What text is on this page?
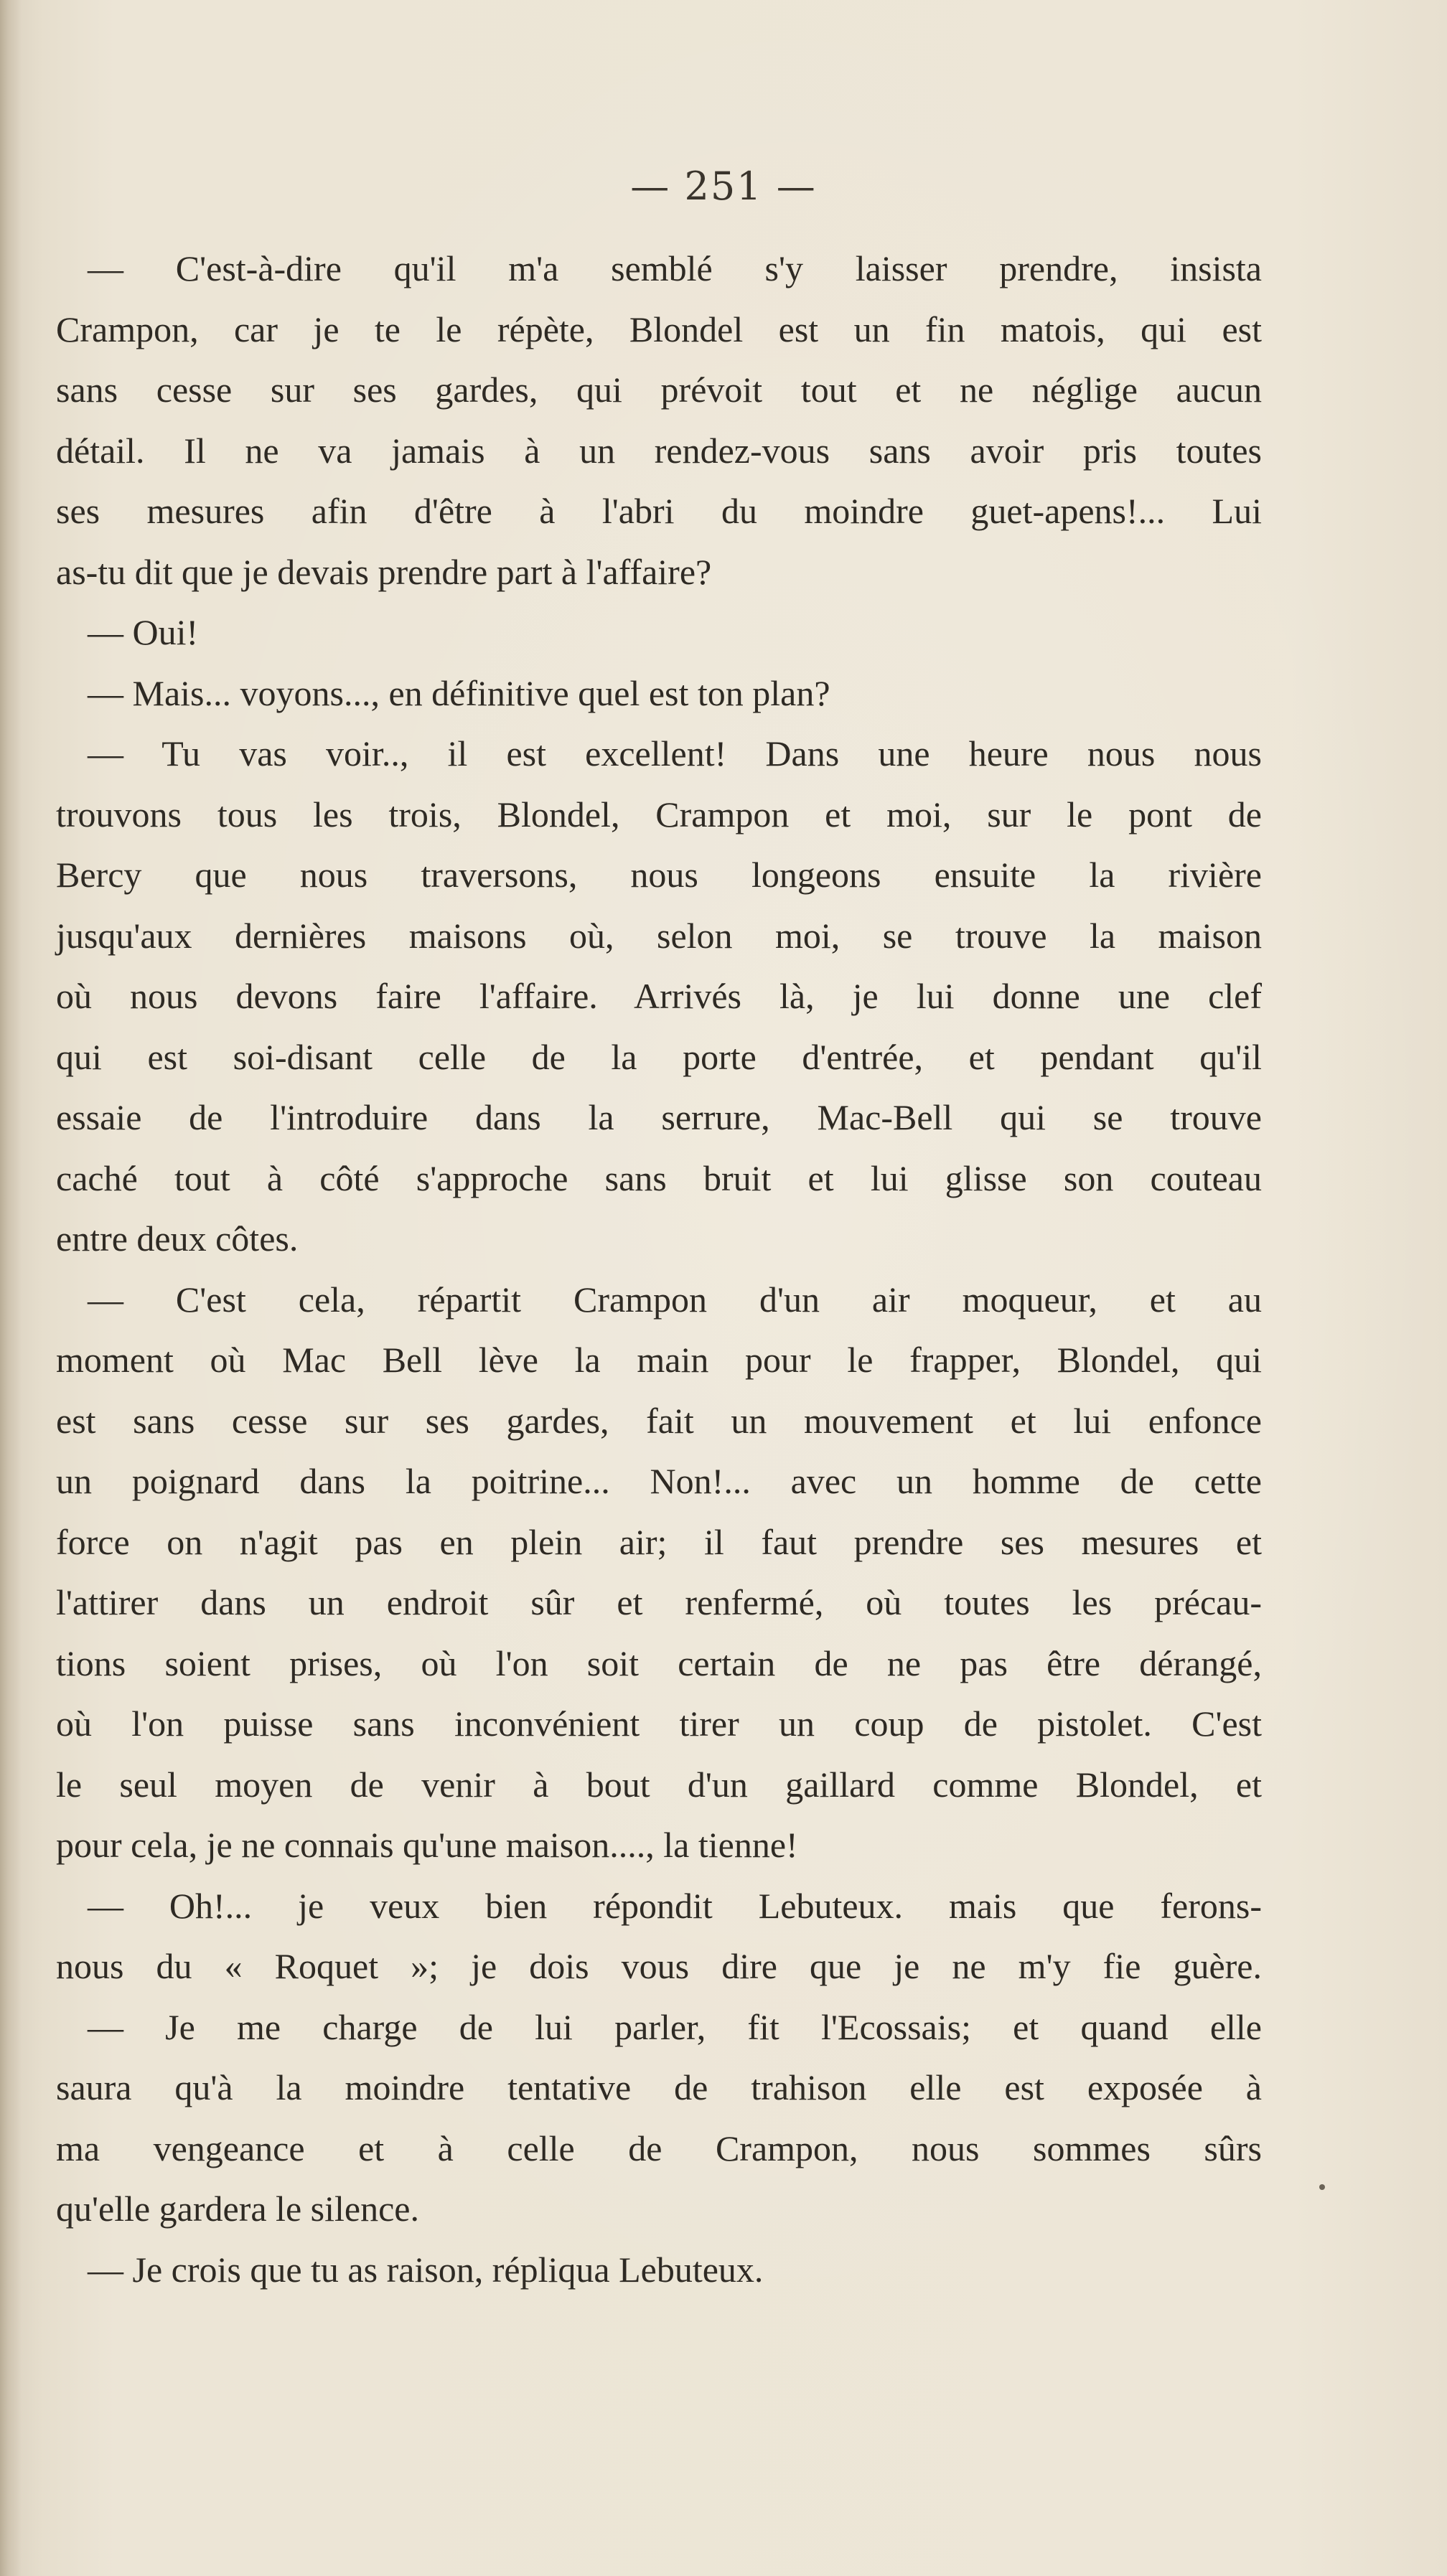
— 251 —
— C'est-à-dire qu'il m'a semblé s'y laisser prendre, insista
Crampon, car je te le répète, Blondel est un fin matois, qui est
sans cesse sur ses gardes, qui prévoit tout et ne néglige aucun
détail. Il ne va jamais à un rendez-vous sans avoir pris toutes
ses mesures afin d'être à l'abri du moindre guet-apens!... Lui
as-tu dit que je devais prendre part à l'affaire?
— Oui!
— Mais... voyons..., en définitive quel est ton plan?
— Tu vas voir.., il est excellent! Dans une heure nous nous
trouvons tous les trois, Blondel, Crampon et moi, sur le pont de
Bercy que nous traversons, nous longeons ensuite la rivière
jusqu'aux dernières maisons où, selon moi, se trouve la maison
où nous devons faire l'affaire. Arrivés là, je lui donne une clef
qui est soi-disant celle de la porte d'entrée, et pendant qu'il
essaie de l'introduire dans la serrure, Mac-Bell qui se trouve
caché tout à côté s'approche sans bruit et lui glisse son couteau
entre deux côtes.
— C'est cela, répartit Crampon d'un air moqueur, et au
moment où Mac Bell lève la main pour le frapper, Blondel, qui
est sans cesse sur ses gardes, fait un mouvement et lui enfonce
un poignard dans la poitrine... Non!... avec un homme de cette
force on n'agit pas en plein air; il faut prendre ses mesures et
l'attirer dans un endroit sûr et renfermé, où toutes les précau-
tions soient prises, où l'on soit certain de ne pas être dérangé,
où l'on puisse sans inconvénient tirer un coup de pistolet. C'est
le seul moyen de venir à bout d'un gaillard comme Blondel, et
pour cela, je ne connais qu'une maison...., la tienne!
— Oh!... je veux bien répondit Lebuteux. mais que ferons-
nous du « Roquet »; je dois vous dire que je ne m'y fie guère.
— Je me charge de lui parler, fit l'Ecossais; et quand elle
saura qu'à la moindre tentative de trahison elle est exposée à
ma vengeance et à celle de Crampon, nous sommes sûrs
qu'elle gardera le silence.
— Je crois que tu as raison, répliqua Lebuteux.
